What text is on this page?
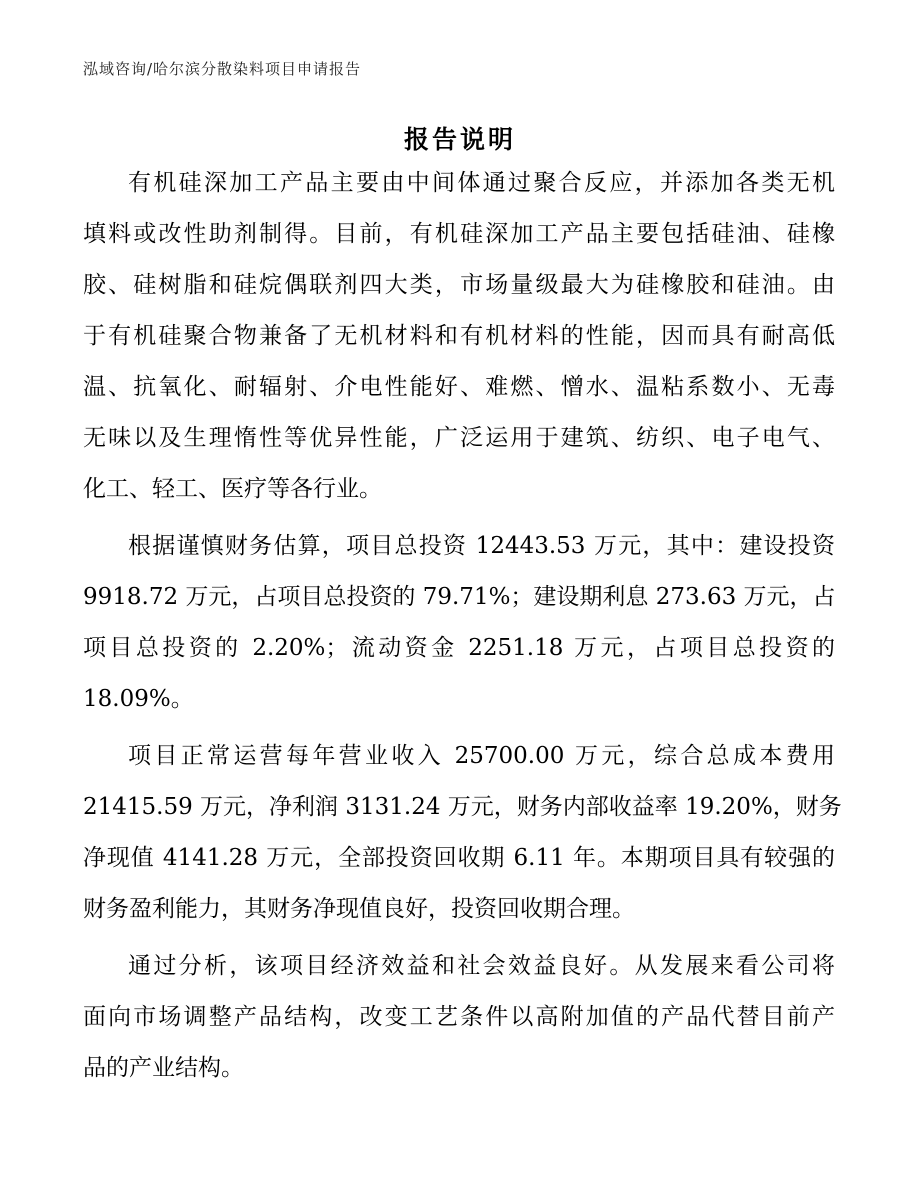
泓域咨询/哈尔滨分散染料项目申请报告
报告说明
有机硅深加工产品主要由中间体通过聚合反应，并添加各类无机
填料或改性助剂制得。目前，有机硅深加工产品主要包括硅油、硅橡
胶、硅树脂和硅烷偶联剂四大类，市场量级最大为硅橡胶和硅油。由
于有机硅聚合物兼备了无机材料和有机材料的性能，因而具有耐高低
温、抗氧化、耐辐射、介电性能好、难燃、憎水、温粘系数小、无毒
无味以及生理惰性等优异性能，广泛运用于建筑、纺织、电子电气、
化工、轻工、医疗等各行业。
根据谨慎财务估算，项目总投资 12443.53 万元，其中：建设投资
9918.72 万元，占项目总投资的 79.71%；建设期利息 273.63 万元，占
项目总投资的 2.20%；流动资金 2251.18 万元，占项目总投资的
18.09%。
项目正常运营每年营业收入 25700.00 万元，综合总成本费用
21415.59 万元，净利润 3131.24 万元，财务内部收益率 19.20%，财务
净现值 4141.28 万元，全部投资回收期 6.11 年。本期项目具有较强的
财务盈利能力，其财务净现值良好，投资回收期合理。
通过分析，该项目经济效益和社会效益良好。从发展来看公司将
面向市场调整产品结构，改变工艺条件以高附加值的产品代替目前产
品的产业结构。
